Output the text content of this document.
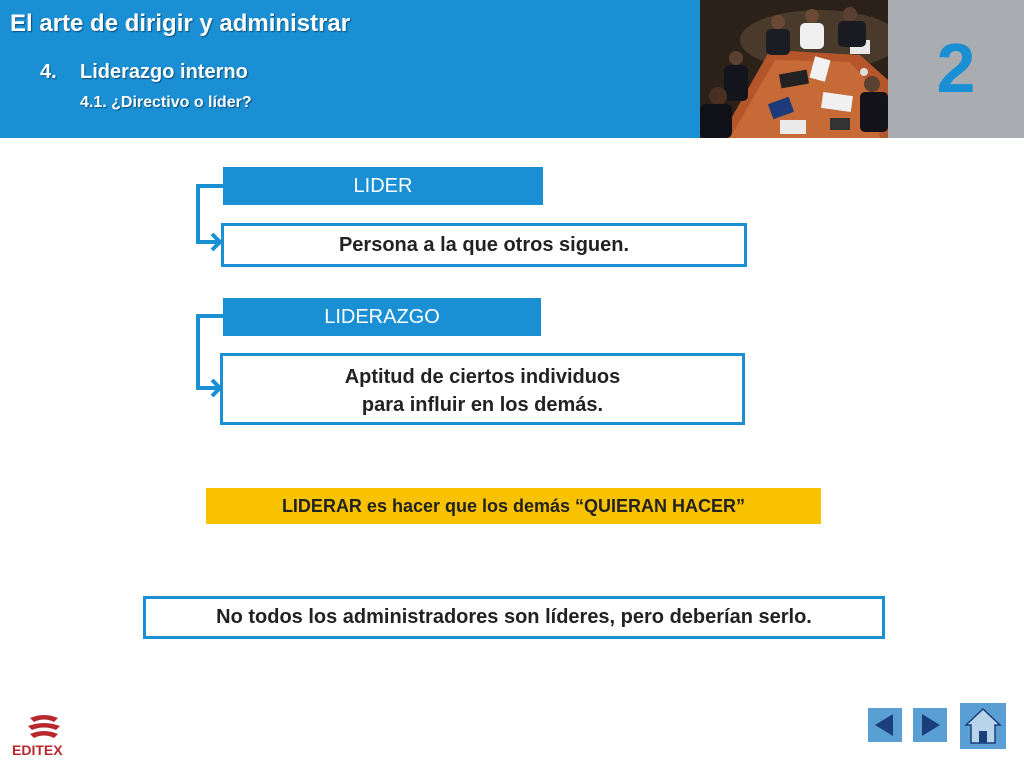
El arte de dirigir y administrar
4. Liderazgo interno
4.1. ¿Directivo o líder?	2
LIDER
Persona a la que otros siguen.
LIDERAZGO
Aptitud de ciertos individuos
para influir en los demás.
LIDERAR es hacer que los demás “QUIERAN HACER”
No todos los administradores son líderes, pero deberían serlo.
EDITEX
